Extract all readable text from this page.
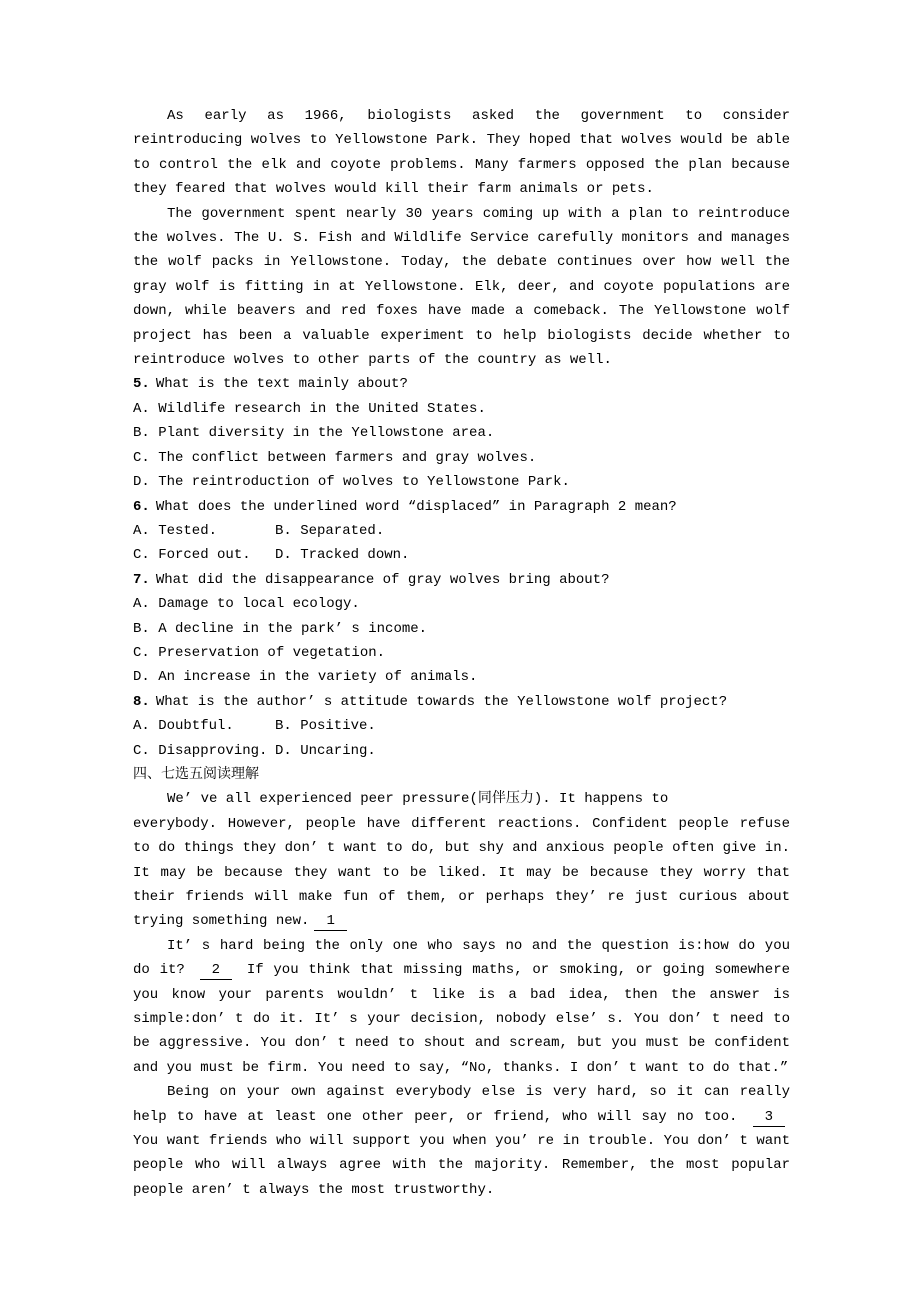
As early as 1966, biologists asked the government to consider reintroducing wolves to Yellowstone Park. They hoped that wolves would be able to control the elk and coyote problems. Many farmers opposed the plan because they feared that wolves would kill their farm animals or pets.

The government spent nearly 30 years coming up with a plan to reintroduce the wolves. The U. S. Fish and Wildlife Service carefully monitors and manages the wolf packs in Yellowstone. Today, the debate continues over how well the gray wolf is fitting in at Yellowstone. Elk, deer, and coyote populations are down, while beavers and red foxes have made a comeback. The Yellowstone wolf project has been a valuable experiment to help biologists decide whether to reintroduce wolves to other parts of the country as well.

5. What is the text mainly about?
A. Wildlife research in the United States.
B. Plant diversity in the Yellowstone area.
C. The conflict between farmers and gray wolves.
D. The reintroduction of wolves to Yellowstone Park.
6. What does the underlined word “displaced” in Paragraph 2 mean?
A. Tested.	B. Separated.
C. Forced out. D. Tracked down.
7. What did the disappearance of gray wolves bring about?
A. Damage to local ecology.
B. A decline in the park’ s income.
C. Preservation of vegetation.
D. An increase in the variety of animals.
8. What is the author’ s attitude towards the Yellowstone wolf project?
A. Doubtful.	B. Positive.
C. Disapproving. D. Uncaring.
四、七选五阅读理解

We’ ve all experienced peer pressure(同伴压力). It happens to
everybody. However, people have different reactions. Confident people refuse to do things they don’ t want to do, but shy and anxious people often give in. It may be because they want to be liked. It may be because they worry that their friends will make fun of them, or perhaps they’ re just curious about trying something new. 1

It’ s hard being the only one who says no and the question is:how do you do it? 2 If you think that missing maths, or smoking, or going somewhere you know your parents wouldn’ t like is a bad idea, then the answer is simple:don’ t do it. It’ s your decision, nobody else’ s. You don’ t need to be aggressive. You don’ t need to shout and scream, but you must be confident and you must be firm. You need to say, “No, thanks. I don’ t want to do that.”

Being on your own against everybody else is very hard, so it can really help to have at least one other peer, or friend, who will say no too. 3 You want friends who will support you when you’ re in trouble. You don’ t want people who will always agree with the majority. Remember, the most popular people aren’ t always the most trustworthy.
